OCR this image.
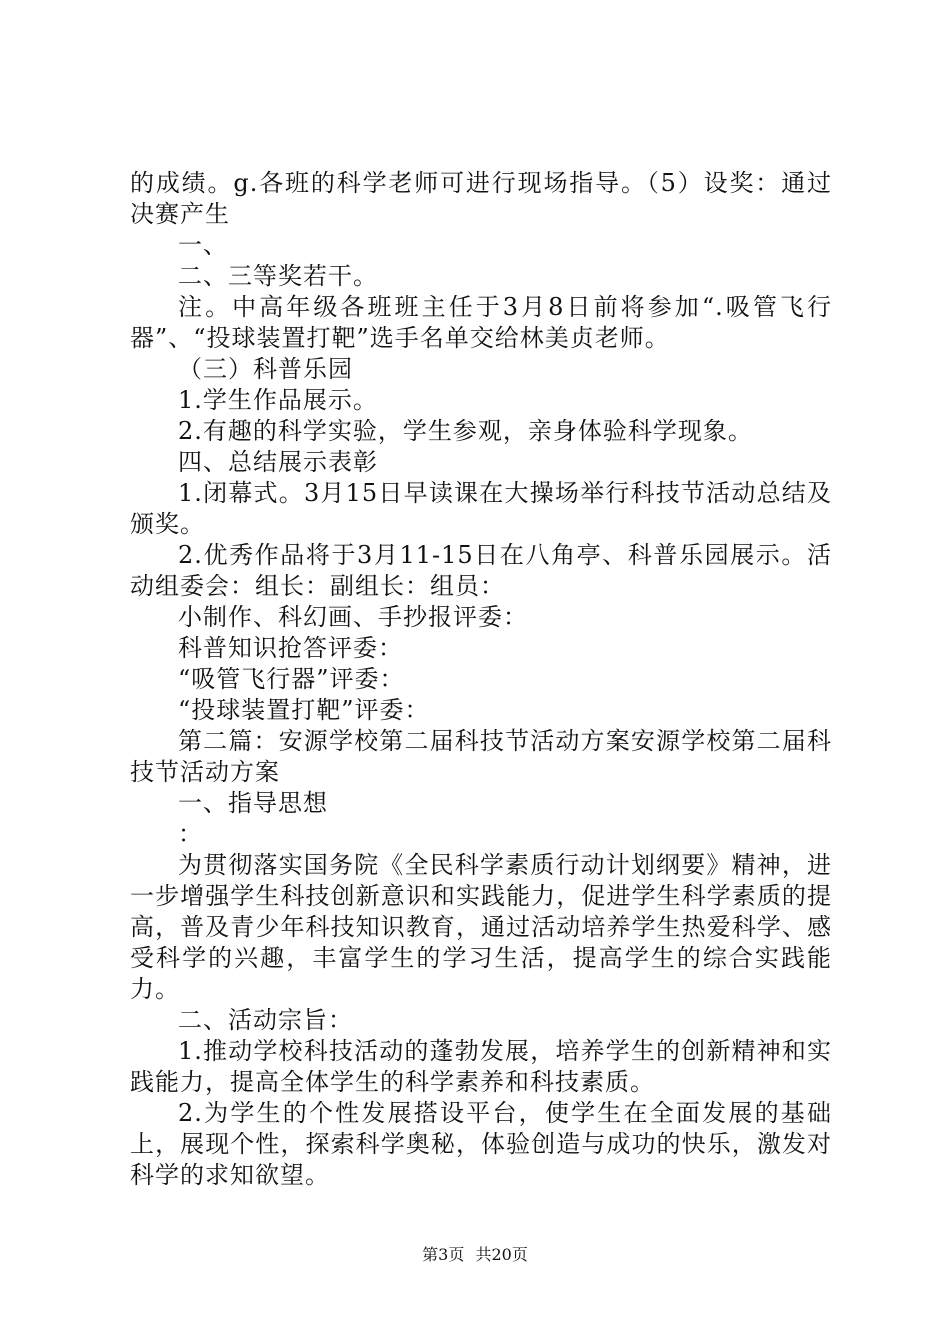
的成绩。g.各班的科学老师可进行现场指导。（5）设奖：通过决赛产生

一、

二、三等奖若干。

注。中高年级各班班主任于3月8日前将参加“.吸管飞行器”、“投球装置打靶”选手名单交给林美贞老师。

（三）科普乐园

1.学生作品展示。

2.有趣的科学实验，学生参观，亲身体验科学现象。

四、总结展示表彰

1.闭幕式。3月15日早读课在大操场举行科技节活动总结及颁奖。

2.优秀作品将于3月11-15日在八角亭、科普乐园展示。活动组委会：组长：副组长：组员：

小制作、科幻画、手抄报评委：

科普知识抢答评委：

“吸管飞行器”评委：

“投球装置打靶”评委：

第二篇：安源学校第二届科技节活动方案安源学校第二届科技节活动方案

一、指导思想

：

为贯彻落实国务院《全民科学素质行动计划纲要》精神，进一步增强学生科技创新意识和实践能力，促进学生科学素质的提高，普及青少年科技知识教育，通过活动培养学生热爱科学、感受科学的兴趣，丰富学生的学习生活，提高学生的综合实践能力。

二、活动宗旨：

1.推动学校科技活动的蓬勃发展，培养学生的创新精神和实践能力，提高全体学生的科学素养和科技素质。

2.为学生的个性发展搭设平台，使学生在全面发展的基础上，展现个性，探索科学奥秘，体验创造与成功的快乐，激发对科学的求知欲望。

第3页 共20页
